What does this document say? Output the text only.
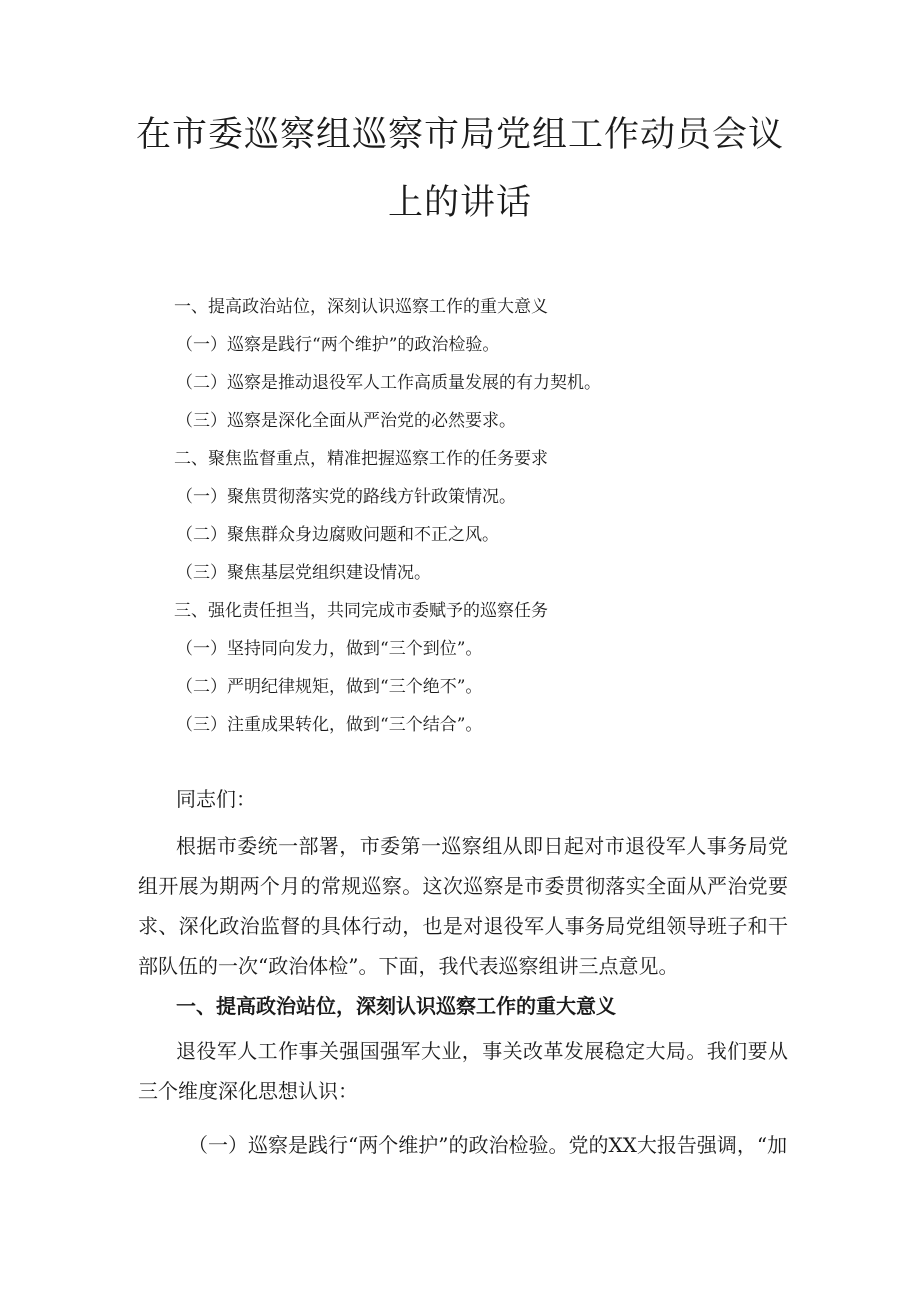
在市委巡察组巡察市局党组工作动员会议
上的讲话
一、提高政治站位，深刻认识巡察工作的重大意义
（一）巡察是践行“两个维护”的政治检验。
（二）巡察是推动退役军人工作高质量发展的有力契机。
（三）巡察是深化全面从严治党的必然要求。
二、聚焦监督重点，精准把握巡察工作的任务要求
（一）聚焦贯彻落实党的路线方针政策情况。
（二）聚焦群众身边腐败问题和不正之风。
（三）聚焦基层党组织建设情况。
三、强化责任担当，共同完成市委赋予的巡察任务
（一）坚持同向发力，做到“三个到位”。
（二）严明纪律规矩，做到“三个绝不”。
（三）注重成果转化，做到“三个结合”。
同志们：
根据市委统一部署，市委第一巡察组从即日起对市退役军人事务局党组开展为期两个月的常规巡察。这次巡察是市委贯彻落实全面从严治党要求、深化政治监督的具体行动，也是对退役军人事务局党组领导班子和干部队伍的一次“政治体检”。下面，我代表巡察组讲三点意见。
一、提高政治站位，深刻认识巡察工作的重大意义
退役军人工作事关强国强军大业，事关改革发展稳定大局。我们要从三个维度深化思想认识：
（一）巡察是践行“两个维护”的政治检验。党的XX大报告强调，“加
